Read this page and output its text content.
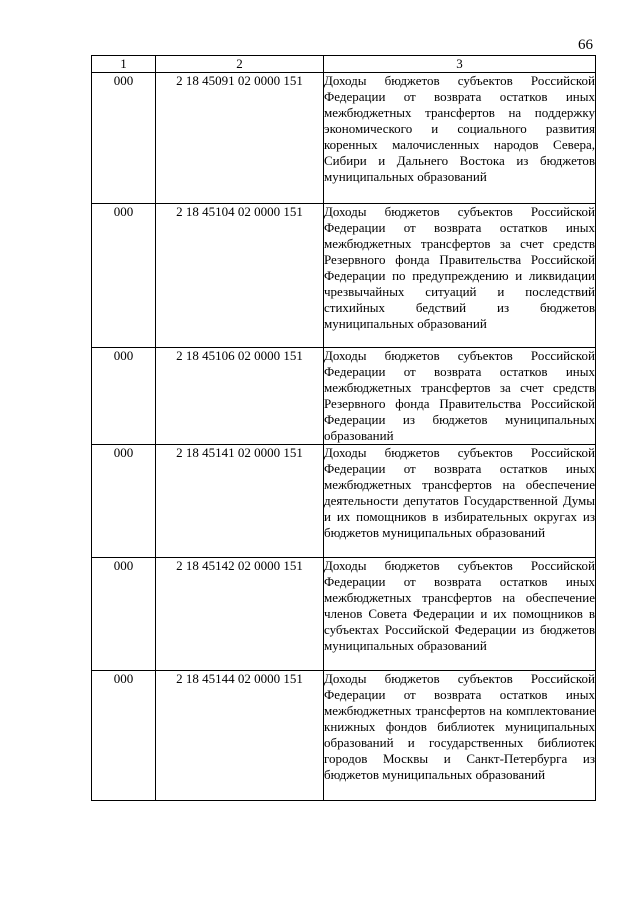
66
1	2	3
000	2 18 45091 02 0000 151	Доходы бюджетов субъектов Российской Федерации от возврата остатков иных межбюджетных трансфертов на поддержку экономического и социального развития коренных малочисленных народов Севера, Сибири и Дальнего Востока из бюджетов муниципальных образований
000	2 18 45104 02 0000 151	Доходы бюджетов субъектов Российской Федерации от возврата остатков иных межбюджетных трансфертов за счет средств Резервного фонда Правительства Российской Федерации по предупреждению и ликвидации чрезвычайных ситуаций и последствий стихийных бедствий из бюджетов муниципальных образований
000	2 18 45106 02 0000 151	Доходы бюджетов субъектов Российской Федерации от возврата остатков иных межбюджетных трансфертов за счет средств Резервного фонда Правительства Российской Федерации из бюджетов муниципальных образований
000	2 18 45141 02 0000 151	Доходы бюджетов субъектов Российской Федерации от возврата остатков иных межбюджетных трансфертов на обеспечение деятельности депутатов Государственной Думы и их помощников в избирательных округах из бюджетов муниципальных образований
000	2 18 45142 02 0000 151	Доходы бюджетов субъектов Российской Федерации от возврата остатков иных межбюджетных трансфертов на обеспечение членов Совета Федерации и их помощников в субъектах Российской Федерации из бюджетов муниципальных образований
000	2 18 45144 02 0000 151	Доходы бюджетов субъектов Российской Федерации от возврата остатков иных межбюджетных трансфертов на комплектование книжных фондов библиотек муниципальных образований и государственных библиотек городов Москвы и Санкт-Петербурга из бюджетов муниципальных образований
